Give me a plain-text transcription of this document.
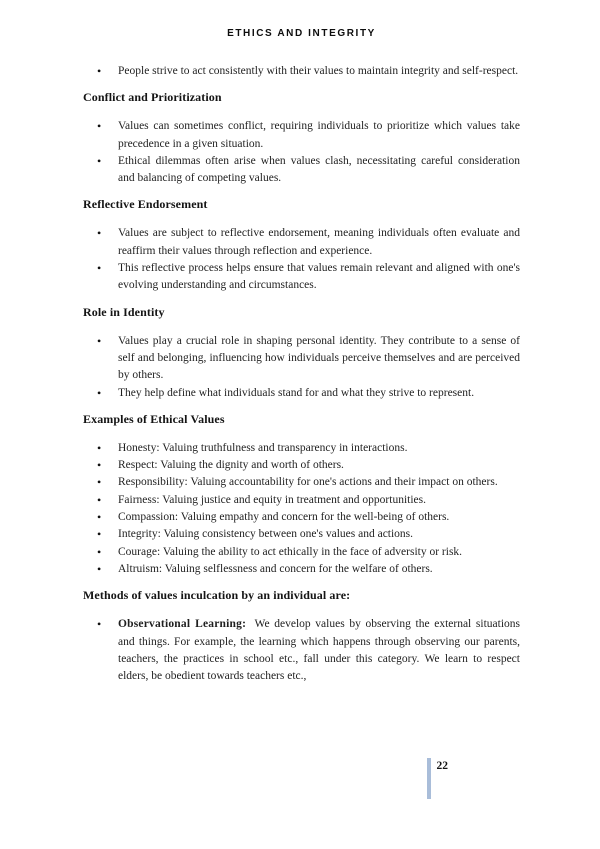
ETHICS AND INTEGRITY
• People strive to act consistently with their values to maintain integrity and self-respect.
Conflict and Prioritization
• Values can sometimes conflict, requiring individuals to prioritize which values take precedence in a given situation.
• Ethical dilemmas often arise when values clash, necessitating careful consideration and balancing of competing values.
Reflective Endorsement
• Values are subject to reflective endorsement, meaning individuals often evaluate and reaffirm their values through reflection and experience.
• This reflective process helps ensure that values remain relevant and aligned with one's evolving understanding and circumstances.
Role in Identity
• Values play a crucial role in shaping personal identity. They contribute to a sense of self and belonging, influencing how individuals perceive themselves and are perceived by others.
• They help define what individuals stand for and what they strive to represent.
Examples of Ethical Values
• Honesty: Valuing truthfulness and transparency in interactions.
• Respect: Valuing the dignity and worth of others.
• Responsibility: Valuing accountability for one's actions and their impact on others.
• Fairness: Valuing justice and equity in treatment and opportunities.
• Compassion: Valuing empathy and concern for the well-being of others.
• Integrity: Valuing consistency between one's values and actions.
• Courage: Valuing the ability to act ethically in the face of adversity or risk.
• Altruism: Valuing selflessness and concern for the welfare of others.
Methods of values inculcation by an individual are:
• Observational Learning: We develop values by observing the external situations and things. For example, the learning which happens through observing our parents, teachers, the practices in school etc., fall under this category. We learn to respect elders, be obedient towards teachers etc.,
22
